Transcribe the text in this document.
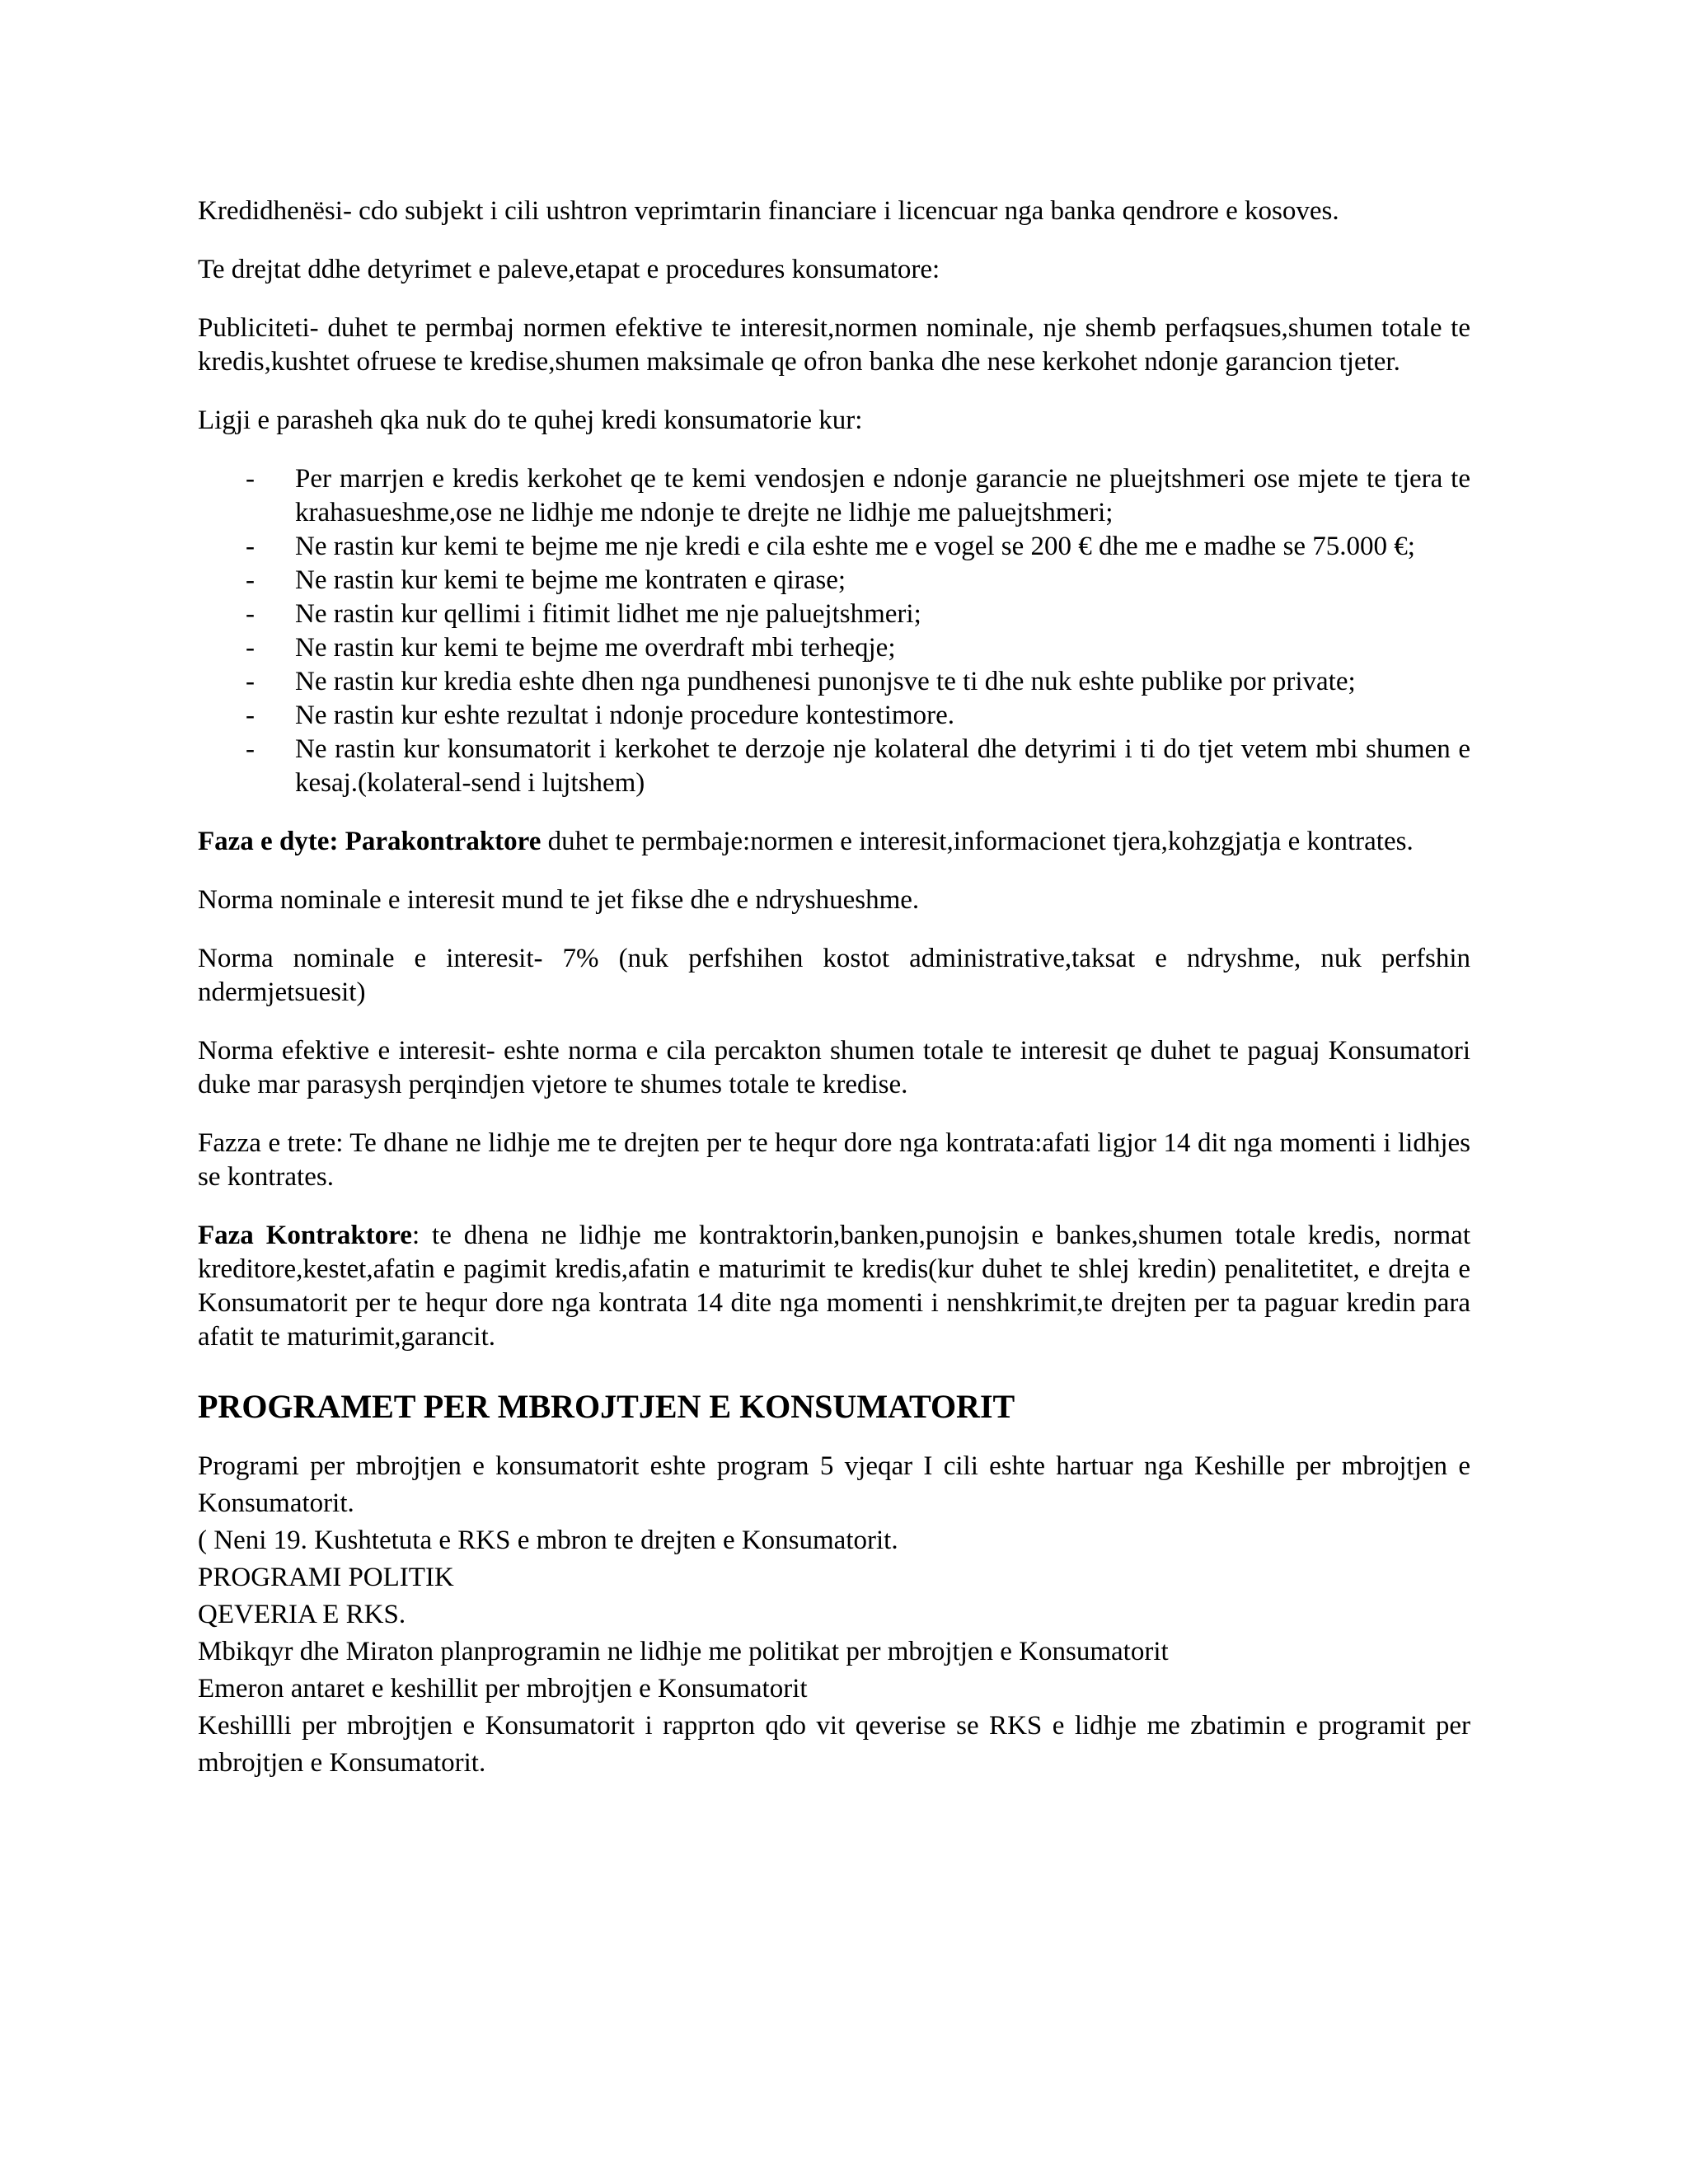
Kredidhenësi- cdo subjekt i cili ushtron veprimtarin financiare i licencuar nga banka qendrore e kosoves.

Te drejtat ddhe detyrimet e paleve,etapat e procedures konsumatore:

Publiciteti- duhet te permbaj normen efektive te interesit,normen nominale, nje shemb perfaqsues,shumen totale te kredis,kushtet ofruese te kredise,shumen maksimale qe ofron banka dhe nese kerkohet ndonje garancion tjeter.

Ligji e parasheh qka nuk do te quhej kredi konsumatorie kur:

- Per marrjen e kredis kerkohet qe te kemi vendosjen e ndonje garancie ne pluejtshmeri ose mjete te tjera te krahasueshme,ose ne lidhje me ndonje te drejte ne lidhje me paluejtshmeri;
- Ne rastin kur kemi te bejme me nje kredi e cila eshte me e vogel se 200 € dhe me e madhe se 75.000 €;
- Ne rastin kur kemi te bejme me kontraten e qirase;
- Ne rastin kur qellimi i fitimit lidhet me nje paluejtshmeri;
- Ne rastin kur kemi te bejme me overdraft mbi terheqje;
- Ne rastin kur kredia eshte dhen nga pundhenesi punonjsve te ti dhe nuk eshte publike por private;
- Ne rastin kur eshte rezultat i ndonje procedure kontestimore.
- Ne rastin kur konsumatorit i kerkohet te derzoje nje kolateral dhe detyrimi i ti do tjet vetem mbi shumen e kesaj.(kolateral-send i lujtshem)

Faza e dyte: Parakontraktore duhet te permbaje:normen e interesit,informacionet tjera,kohzgjatja e kontrates.

Norma nominale e interesit mund te jet fikse dhe e ndryshueshme.

Norma nominale e interesit- 7% (nuk perfshihen kostot administrative,taksat e ndryshme, nuk perfshin ndermjetsuesit)

Norma efektive e interesit- eshte norma e cila percakton shumen totale te interesit qe duhet te paguaj Konsumatori duke mar parasysh perqindjen vjetore te shumes totale te kredise.

Fazza e trete: Te dhane ne lidhje me te drejten per te hequr dore nga kontrata:afati ligjor 14 dit nga momenti i lidhjes se kontrates.

Faza Kontraktore: te dhena ne lidhje me kontraktorin,banken,punojsin e bankes,shumen totale kredis, normat kreditore,kestet,afatin e pagimit kredis,afatin e maturimit te kredis(kur duhet te shlej kredin) penalitetitet, e drejta e Konsumatorit per te hequr dore nga kontrata 14 dite nga momenti i nenshkrimit,te drejten per ta paguar kredin para afatit te maturimit,garancit.

PROGRAMET PER MBROJTJEN E KONSUMATORIT
Programi per mbrojtjen e konsumatorit eshte program 5 vjeqar I cili eshte hartuar nga Keshille per mbrojtjen e Konsumatorit.
( Neni 19. Kushtetuta e RKS e mbron te drejten e Konsumatorit.
PROGRAMI POLITIK
QEVERIA E RKS.
Mbikqyr dhe Miraton planprogramin ne lidhje me politikat per mbrojtjen e Konsumatorit
Emeron antaret e keshillit per mbrojtjen e Konsumatorit
Keshillli per mbrojtjen e Konsumatorit i rapprton qdo vit qeverise se RKS e lidhje me zbatimin e programit per mbrojtjen e Konsumatorit.
